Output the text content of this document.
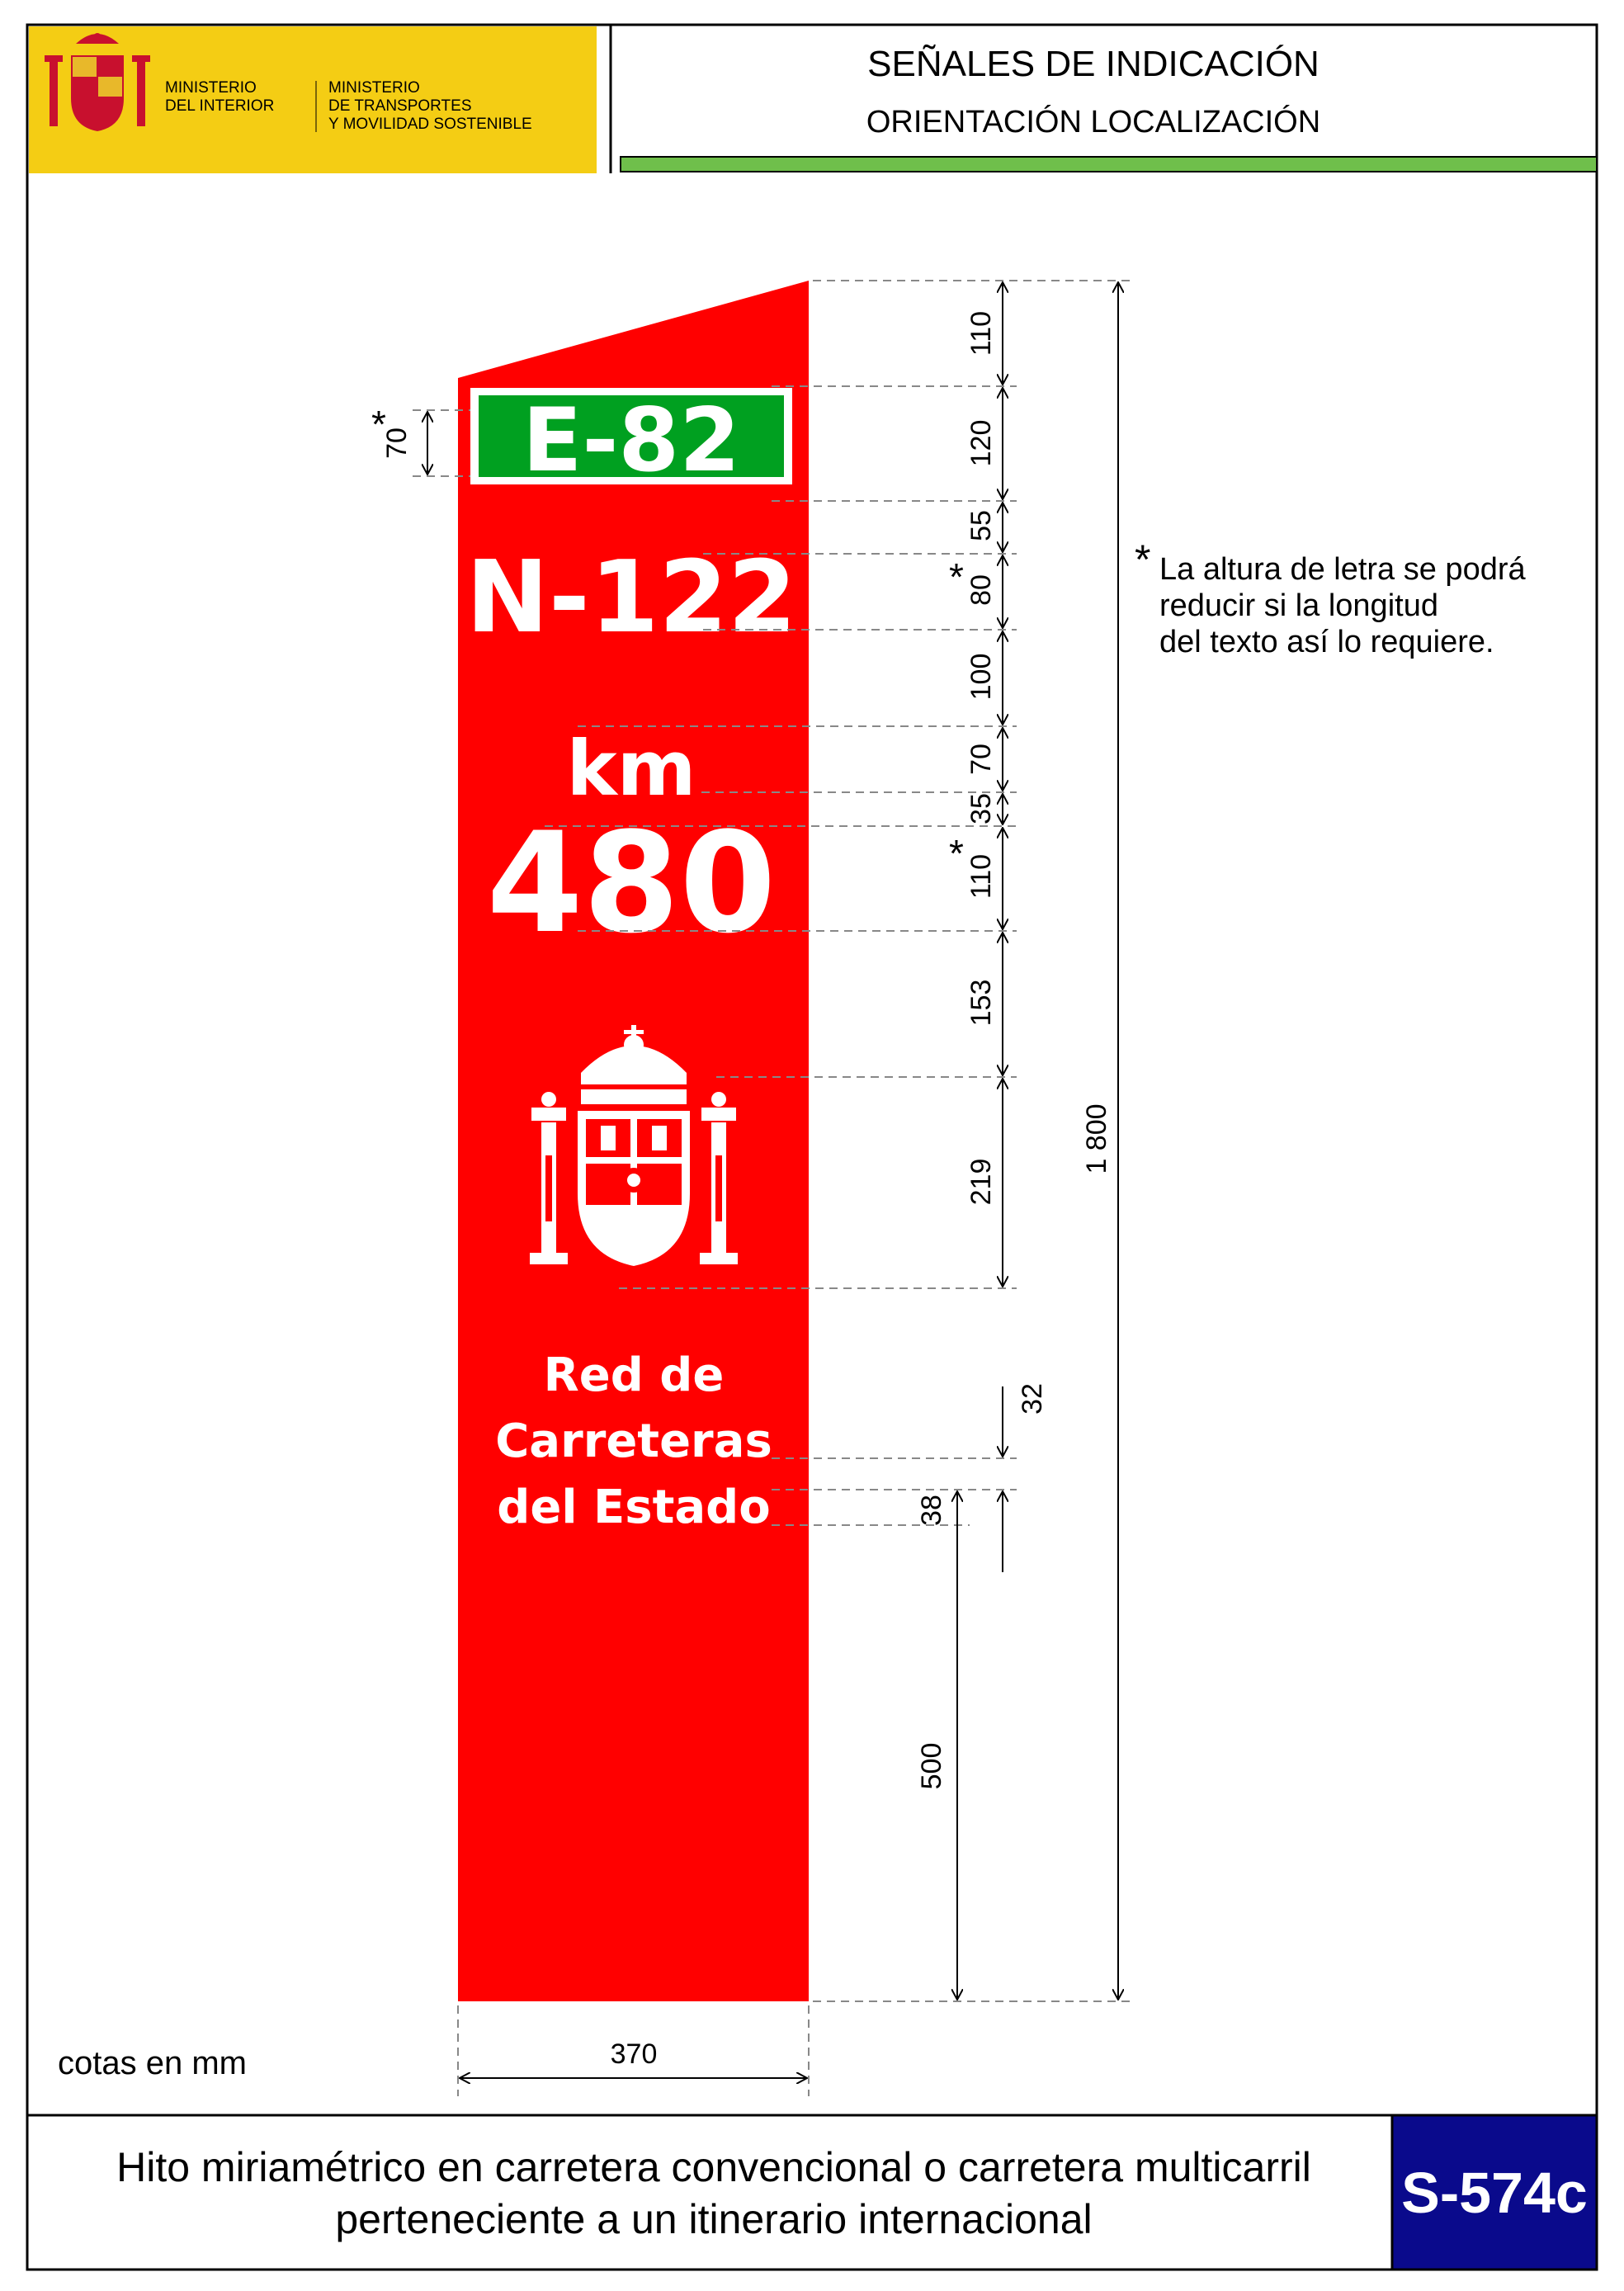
MINISTERIO
DEL INTERIOR
MINISTERIO
DE TRANSPORTES
Y MOVILIDAD SOSTENIBLE
SEÑALES DE INDICACIÓN
ORIENTACIÓN LOCALIZACIÓN
E-82
N-122
km
480
Red de
Carreteras
del Estado
110
120
55
80
100
70
35
110
153
219
32
38
500
1 800
70
370
*
*
*
* La altura de letra se podrá
reducir si la longitud
del texto así lo requiere.
cotas en mm
S-574c
Hito miriamétrico en carretera convencional o carretera multicarril
perteneciente a un itinerario internacional
